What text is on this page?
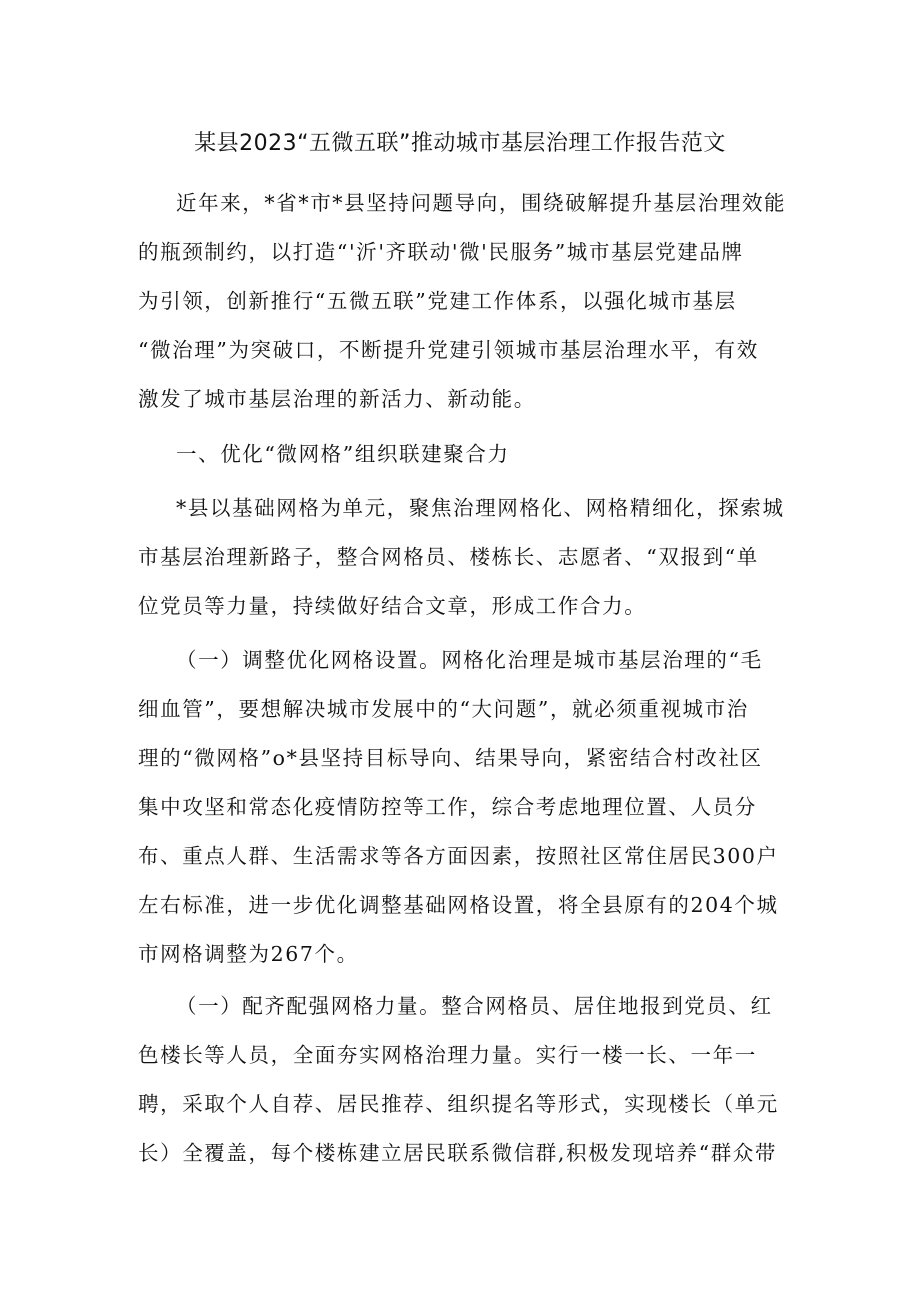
某县2023“五微五联”推动城市基层治理工作报告范文
近年来，*省*市*县坚持问题导向，围绕破解提升基层治理效能
的瓶颈制约，以打造“'沂'齐联动'微'民服务”城市基层党建品牌
为引领，创新推行“五微五联”党建工作体系，以强化城市基层
“微治理”为突破口，不断提升党建引领城市基层治理水平，有效
激发了城市基层治理的新活力、新动能。
一、优化“微网格”组织联建聚合力
*县以基础网格为单元，聚焦治理网格化、网格精细化，探索城
市基层治理新路子，整合网格员、楼栋长、志愿者、“双报到“单
位党员等力量，持续做好结合文章，形成工作合力。
（一）调整优化网格设置。网格化治理是城市基层治理的“毛
细血管”，要想解决城市发展中的“大问题”，就必须重视城市治
理的“微网格”o*县坚持目标导向、结果导向，紧密结合村改社区
集中攻坚和常态化疫情防控等工作，综合考虑地理位置、人员分
布、重点人群、生活需求等各方面因素，按照社区常住居民300户
左右标准，进一步优化调整基础网格设置，将全县原有的204个城
市网格调整为267个。
（一）配齐配强网格力量。整合网格员、居住地报到党员、红
色楼长等人员，全面夯实网格治理力量。实行一楼一长、一年一
聘，采取个人自荐、居民推荐、组织提名等形式，实现楼长（单元
长）全覆盖，每个楼栋建立居民联系微信群,积极发现培养“群众带
